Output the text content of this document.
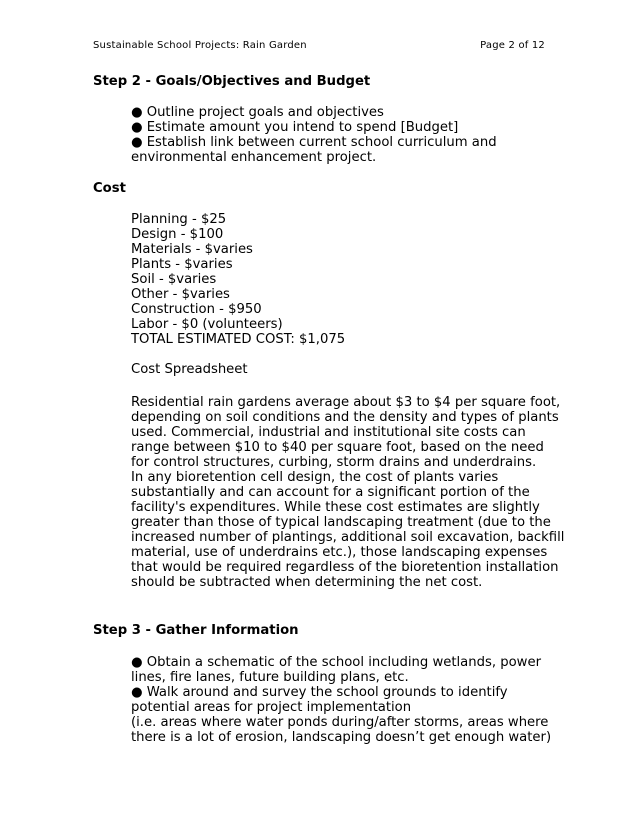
Sustainable School Projects: Rain Garden	Page 2 of 12
Step 2 - Goals/Objectives and Budget
● Outline project goals and objectives
● Estimate amount you intend to spend [Budget]
● Establish link between current school curriculum and
environmental enhancement project.
Cost
Planning - $25
Design - $100
Materials - $varies
Plants - $varies
Soil - $varies
Other - $varies
Construction - $950
Labor - $0 (volunteers)
TOTAL ESTIMATED COST: $1,075
Cost Spreadsheet
Residential rain gardens average about $3 to $4 per square foot,
depending on soil conditions and the density and types of plants
used. Commercial, industrial and institutional site costs can
range between $10 to $40 per square foot, based on the need
for control structures, curbing, storm drains and underdrains.
In any bioretention cell design, the cost of plants varies
substantially and can account for a significant portion of the
facility's expenditures. While these cost estimates are slightly
greater than those of typical landscaping treatment (due to the
increased number of plantings, additional soil excavation, backfill
material, use of underdrains etc.), those landscaping expenses
that would be required regardless of the bioretention installation
should be subtracted when determining the net cost.
Step 3 - Gather Information
● Obtain a schematic of the school including wetlands, power
lines, fire lanes, future building plans, etc.
● Walk around and survey the school grounds to identify
potential areas for project implementation
(i.e. areas where water ponds during/after storms, areas where
there is a lot of erosion, landscaping doesn’t get enough water)
